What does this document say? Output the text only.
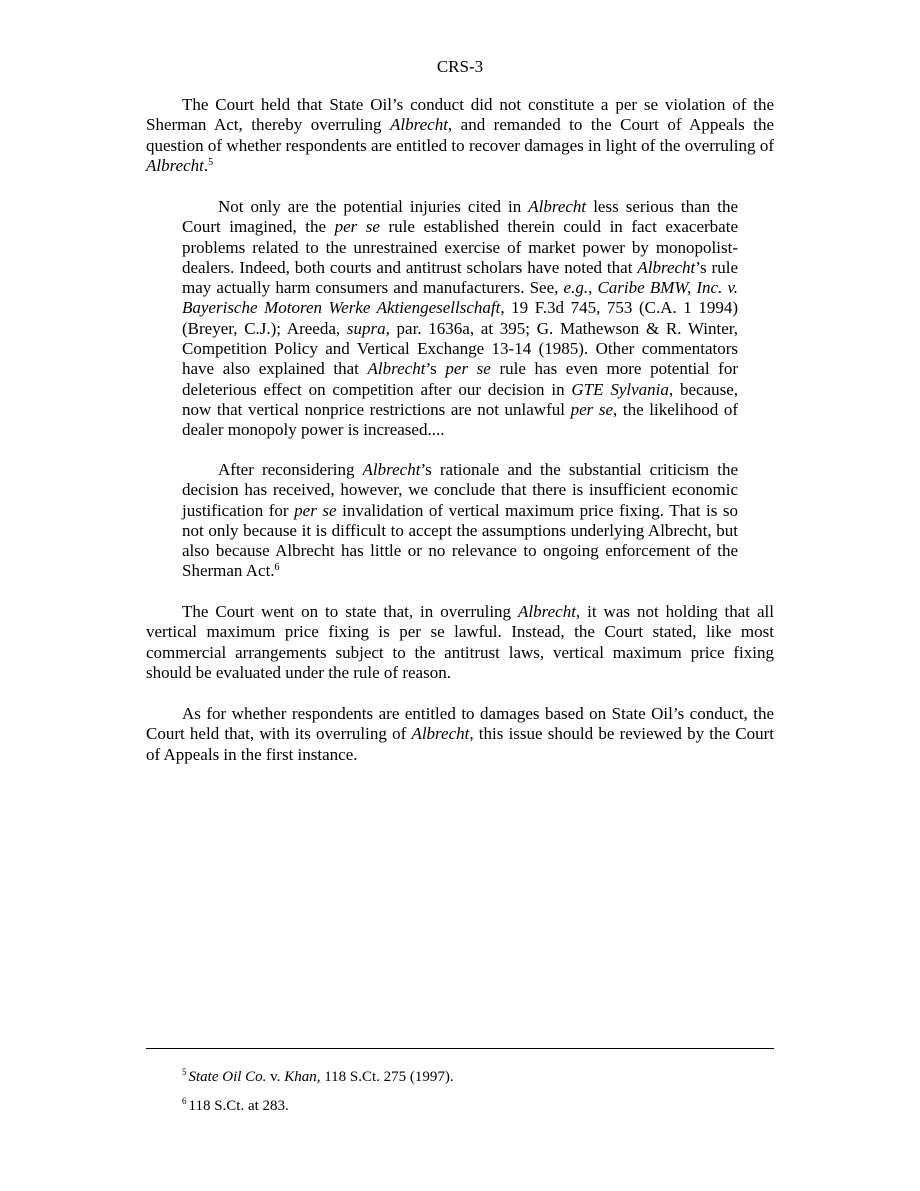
CRS-3

The Court held that State Oil’s conduct did not constitute a per se violation of the Sherman Act, thereby overruling Albrecht, and remanded to the Court of Appeals the question of whether respondents are entitled to recover damages in light of the overruling of Albrecht.$^5$

Not only are the potential injuries cited in Albrecht less serious than the Court imagined, the per se rule established therein could in fact exacerbate problems related to the unrestrained exercise of market power by monopolist-dealers. Indeed, both courts and antitrust scholars have noted that Albrecht’s rule may actually harm consumers and manufacturers. See, e.g., Caribe BMW, Inc. v. Bayerische Motoren Werke Aktiengesellschaft, 19 F.3d 745, 753 (C.A. 1 1994) (Breyer, C.J.); Areeda, supra, par. 1636a, at 395; G. Mathewson & R. Winter, Competition Policy and Vertical Exchange 13-14 (1985). Other commentators have also explained that Albrecht’s per se rule has even more potential for deleterious effect on competition after our decision in GTE Sylvania, because, now that vertical nonprice restrictions are not unlawful per se, the likelihood of dealer monopoly power is increased....

After reconsidering Albrecht’s rationale and the substantial criticism the decision has received, however, we conclude that there is insufficient economic justification for per se invalidation of vertical maximum price fixing. That is so not only because it is difficult to accept the assumptions underlying Albrecht, but also because Albrecht has little or no relevance to ongoing enforcement of the Sherman Act.$^6$

The Court went on to state that, in overruling Albrecht, it was not holding that all vertical maximum price fixing is per se lawful. Instead, the Court stated, like most commercial arrangements subject to the antitrust laws, vertical maximum price fixing should be evaluated under the rule of reason.

As for whether respondents are entitled to damages based on State Oil’s conduct, the Court held that, with its overruling of Albrecht, this issue should be reviewed by the Court of Appeals in the first instance.

$^5$ State Oil Co. v. Khan, 118 S.Ct. 275 (1997).
$^6$ 118 S.Ct. at 283.
